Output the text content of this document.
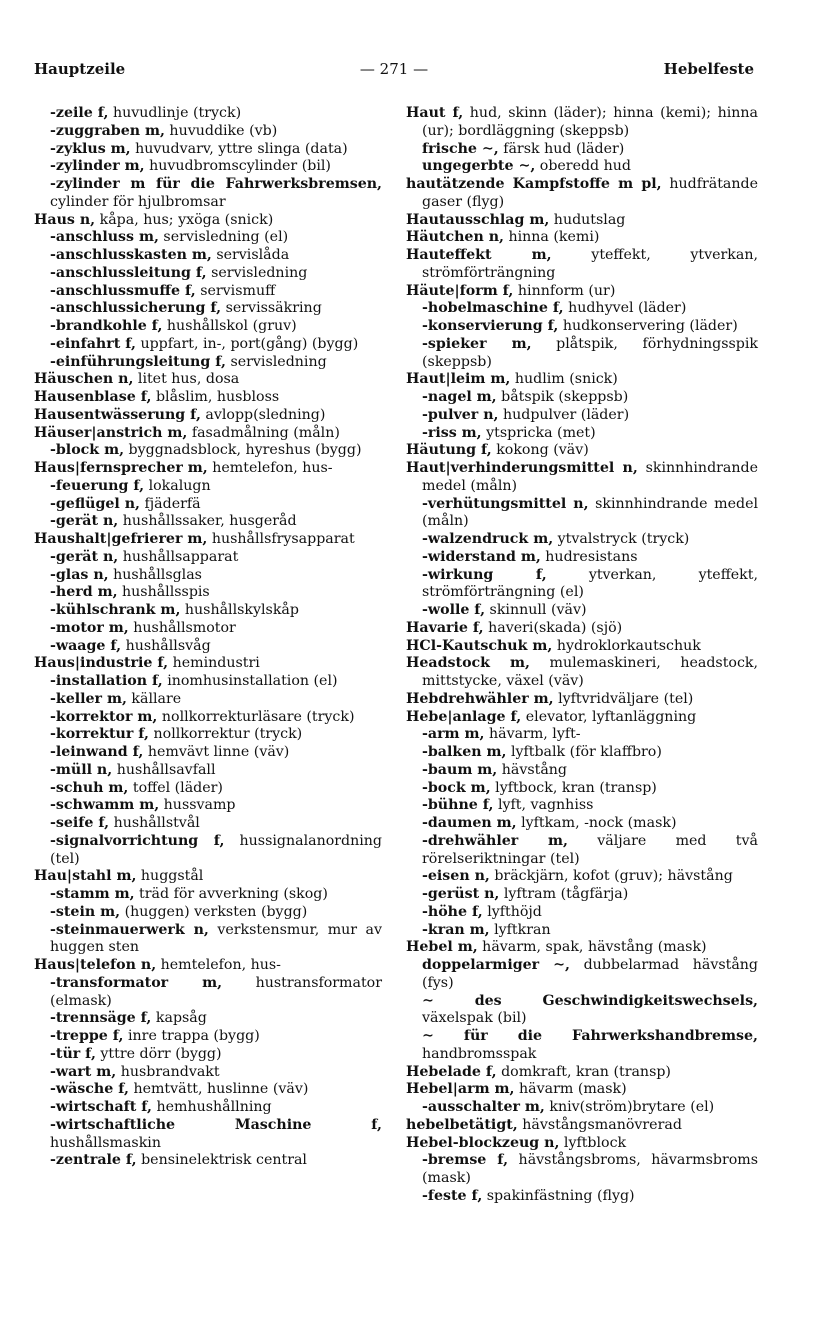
Hauptzeile	— 271 —	Hebelfeste
-zeile f, huvudlinje (tryck)
-zuggraben m, huvuddike (vb)
-zyklus m, huvudvarv, yttre slinga (data)
-zylinder m, huvudbromscylinder (bil)
-zylinder m für die Fahrwerksbremsen, cylinder för hjulbromsar
Haus n, kåpa, hus; yxöga (snick)
-anschluss m, servisledning (el)
-anschlusskasten m, servislåda
-anschlussleitung f, servisledning
-anschlussmuffe f, servismuff
-anschlussicherung f, servissäkring
-brandkohle f, hushållskol (gruv)
-einfahrt f, uppfart, in-, port(gång) (bygg)
-einführungsleitung f, servisledning
Häuschen n, litet hus, dosa
Hausenblase f, blåslim, husbloss
Hausentwässerung f, avlopp(sledning)
Häuser|anstrich m, fasadmålning (måln)
-block m, byggnadsblock, hyreshus (bygg)
Haus|fernsprecher m, hemtelefon, hus-
-feuerung f, lokalugn
-geflügel n, fjäderfä
-gerät n, hushållssaker, husgeråd
Haushalt|gefrierer m, hushållsfrysapparat
-gerät n, hushållsapparat
-glas n, hushållsglas
-herd m, hushållsspis
-kühlschrank m, hushållskylskåp
-motor m, hushållsmotor
-waage f, hushållsvåg
Haus|industrie f, hemindustri
-installation f, inomhusinstallation (el)
-keller m, källare
-korrektor m, nollkorrekturläsare (tryck)
-korrektur f, nollkorrektur (tryck)
-leinwand f, hemvävt linne (väv)
-müll n, hushållsavfall
-schuh m, toffel (läder)
-schwamm m, hussvamp
-seife f, hushållstvål
-signalvorrichtung f, hussignalanordning (tel)
Hau|stahl m, huggstål
-stamm m, träd för avverkning (skog)
-stein m, (huggen) verksten (bygg)
-steinmauerwerk n, verkstensmur, mur av huggen sten
Haus|telefon n, hemtelefon, hus-
-transformator m, hustransformator (elmask)
-trennsäge f, kapsåg
-treppe f, inre trappa (bygg)
-tür f, yttre dörr (bygg)
-wart m, husbrandvakt
-wäsche f, hemtvätt, huslinne (väv)
-wirtschaft f, hemhushållning
-wirtschaftliche Maschine f, hushållsmaskin
-zentrale f, bensinelektrisk central
Haut f, hud, skinn (läder); hinna (kemi); hinna (ur); bordläggning (skeppsb)
frische ∼, färsk hud (läder)
ungegerbte ∼, oberedd hud
hautätzende Kampfstoffe m pl, hudfrätande gaser (flyg)
Hautausschlag m, hudutslag
Häutchen n, hinna (kemi)
Hauteffekt m, yteffekt, ytverkan, strömförträngning
Häute|form f, hinnform (ur)
-hobelmaschine f, hudhyvel (läder)
-konservierung f, hudkonservering (läder)
-spieker m, plåtspik, förhydningsspik (skeppsb)
Haut|leim m, hudlim (snick)
-nagel m, båtspik (skeppsb)
-pulver n, hudpulver (läder)
-riss m, ytspricka (met)
Häutung f, kokong (väv)
Haut|verhinderungsmittel n, skinnhindrande medel (måln)
-verhütungsmittel n, skinnhindrande medel (måln)
-walzendruck m, ytvalstryck (tryck)
-widerstand m, hudresistans
-wirkung f, ytverkan, yteffekt, strömförträngning (el)
-wolle f, skinnull (väv)
Havarie f, haveri(skada) (sjö)
HCl-Kautschuk m, hydroklorkautschuk
Headstock m, mulemaskineri, headstock, mittstycke, växel (väv)
Hebdrehwähler m, lyftvridväljare (tel)
Hebe|anlage f, elevator, lyftanläggning
-arm m, hävarm, lyft-
-balken m, lyftbalk (för klaffbro)
-baum m, hävstång
-bock m, lyftbock, kran (transp)
-bühne f, lyft, vagnhiss
-daumen m, lyftkam, -nock (mask)
-drehwähler m, väljare med två rörelseriktningar (tel)
-eisen n, bräckjärn, kofot (gruv); hävstång
-gerüst n, lyftram (tågfärja)
-höhe f, lyfthöjd
-kran m, lyftkran
Hebel m, hävarm, spak, hävstång (mask)
doppelarmiger ∼, dubbelarmad hävstång (fys)
∼ des Geschwindigkeitswechsels, växelspak (bil)
∼ für die Fahrwerkshandbremse, handbromsspak
Hebelade f, domkraft, kran (transp)
Hebel|arm m, hävarm (mask)
-ausschalter m, kniv(ström)brytare (el)
hebelbetätigt, hävstångsmanövrerad
Hebel-blockzeug n, lyftblock
-bremse f, hävstångsbroms, hävarmsbroms (mask)
-feste f, spakinfästning (flyg)
